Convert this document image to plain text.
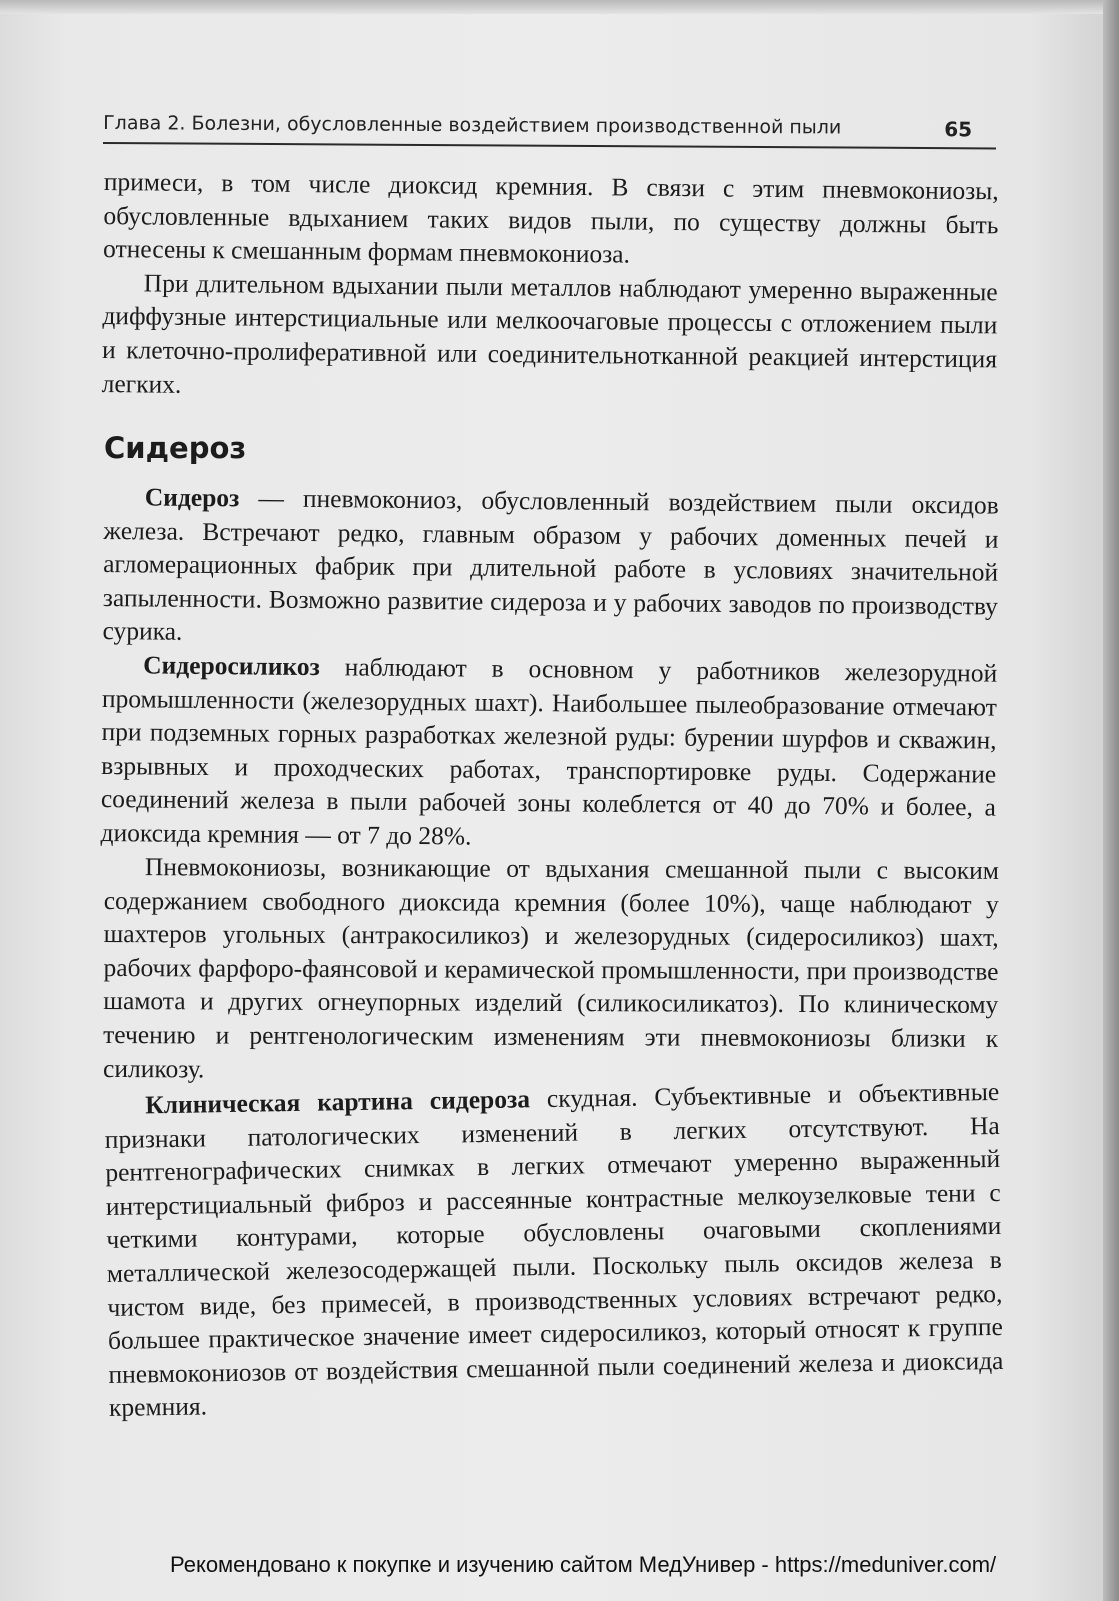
Глава 2. Болезни, обусловленные воздействием производственной пыли	65

примеси, в том числе диоксид кремния. В связи с этим пневмокониозы, обусловленные вдыханием таких видов пыли, по существу должны быть отнесены к смешанным формам пневмокониоза.

При длительном вдыхании пыли металлов наблюдают умеренно выраженные диффузные интерстициальные или мелкоочаговые процессы с отложением пыли и клеточно-пролиферативной или соединительнотканной реакцией интерстиция легких.

Сидероз

Сидероз — пневмокониоз, обусловленный воздействием пыли оксидов железа. Встречают редко, главным образом у рабочих доменных печей и агломерационных фабрик при длительной работе в условиях значительной запыленности. Возможно развитие сидероза и у рабочих заводов по производству сурика.

Сидеросиликоз наблюдают в основном у работников железорудной промышленности (железорудных шахт). Наибольшее пылеобразование отмечают при подземных горных разработках железной руды: бурении шурфов и скважин, взрывных и проходческих работах, транспортировке руды. Содержание соединений железа в пыли рабочей зоны колеблется от 40 до 70% и более, а диоксида кремния — от 7 до 28%.

Пневмокониозы, возникающие от вдыхания смешанной пыли с высоким содержанием свободного диоксида кремния (более 10%), чаще наблюдают у шахтеров угольных (антракосиликоз) и железорудных (сидеросиликоз) шахт, рабочих фарфоро-фаянсовой и керамической промышленности, при производстве шамота и других огнеупорных изделий (силикосиликатоз). По клиническому течению и рентгенологическим изменениям эти пневмокониозы близки к силикозу.

Клиническая картина сидероза скудная. Субъективные и объективные признаки патологических изменений в легких отсутствуют. На рентгенографических снимках в легких отмечают умеренно выраженный интерстициальный фиброз и рассеянные контрастные мелкоузелковые тени с четкими контурами, которые обусловлены очаговыми скоплениями металлической железосодержащей пыли. Поскольку пыль оксидов железа в чистом виде, без примесей, в производственных условиях встречают редко, большее практическое значение имеет сидеросиликоз, который относят к группе пневмокониозов от воздействия смешанной пыли соединений железа и диоксида кремния.

Рекомендовано к покупке и изучению сайтом МедУнивер - https://meduniver.com/
